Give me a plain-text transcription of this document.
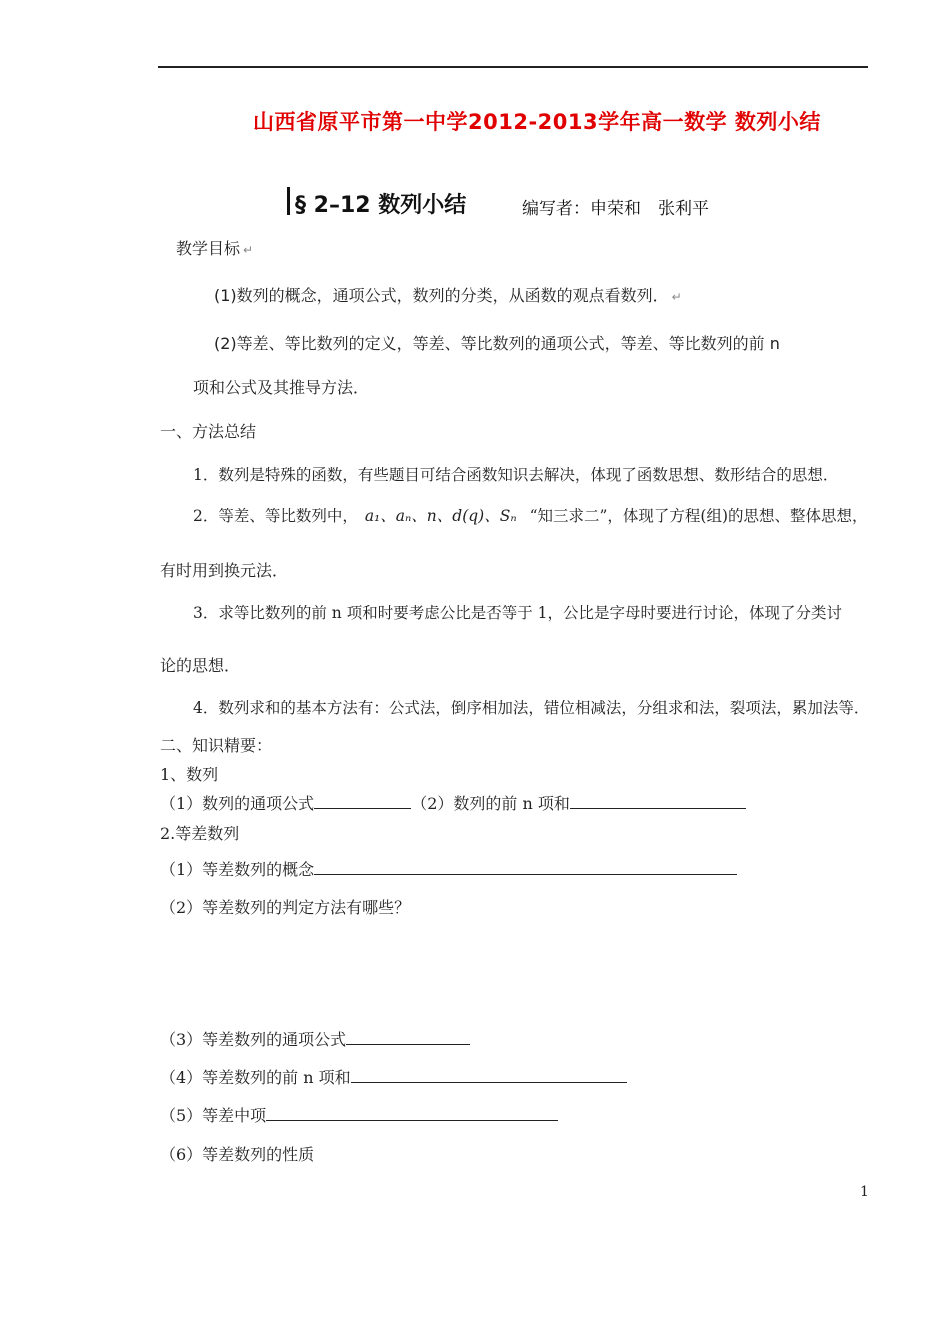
山西省原平市第一中学2012-2013学年高一数学 数列小结
§ 2–12 数列小结	编写者：申荣和　张利平
教学目标 ↵
(1)数列的概念，通项公式，数列的分类，从函数的观点看数列． ↵
(2)等差、等比数列的定义，等差、等比数列的通项公式，等差、等比数列的前 n
项和公式及其推导方法．
一、方法总结
1．数列是特殊的函数，有些题目可结合函数知识去解决，体现了函数思想、数形结合的思想．
2．等差、等比数列中， a₁、aₙ、n、d(q)、Sₙ “知三求二”，体现了方程(组)的思想、整体思想，
有时用到换元法．
3．求等比数列的前 n 项和时要考虑公比是否等于 1，公比是字母时要进行讨论，体现了分类讨
论的思想．
4．数列求和的基本方法有：公式法，倒序相加法，错位相减法，分组求和法，裂项法，累加法等．
二、知识精要：
1、数列
（1）数列的通项公式	（2）数列的前 n 项和
2.等差数列
（1）等差数列的概念
（2）等差数列的判定方法有哪些？
（3）等差数列的通项公式
（4）等差数列的前 n 项和
（5）等差中项
（6）等差数列的性质
1
